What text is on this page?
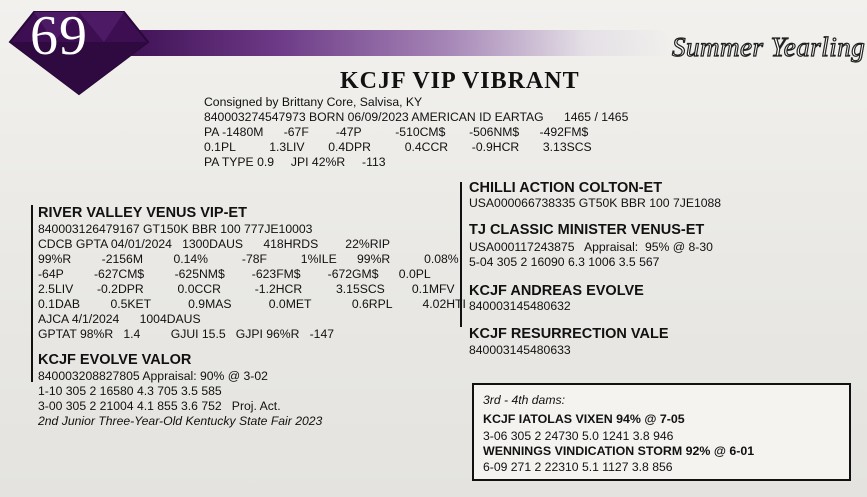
69	Summer Yearling
KCJF VIP VIBRANT
Consigned by Brittany Core, Salvisa, KY
840003274547973 BORN 06/09/2023 AMERICAN ID EARTAG      1465 / 1465
PA -1480M      -67F        -47P          -510CM$       -506NM$      -492FM$
0.1PL          1.3LIV       0.4DPR          0.4CCR       -0.9HCR       3.13SCS
PA TYPE 0.9     JPI 42%R     -113
CHILLI ACTION COLTON-ET
USA000066738335 GT50K BBR 100 7JE1088
TJ CLASSIC MINISTER VENUS-ET
USA000117243875   Appraisal:  95% @ 8-30
5-04 305 2 16090 6.3 1006 3.5 567
KCJF ANDREAS EVOLVE
840003145480632
KCJF RESURRECTION VALE
840003145480633
RIVER VALLEY VENUS VIP-ET
840003126479167 GT150K BBR 100 777JE10003
CDCB GPTA 04/01/2024   1300DAUS      418HRDS        22%RIP
99%R         -2156M         0.14%          -78F          1%ILE      99%R          0.08%
-64P         -627CM$         -625NM$        -623FM$        -672GM$      0.0PL
2.5LIV       -0.2DPR          0.0CCR          -1.2HCR          3.15SCS        0.1MFV
0.1DAB         0.5KET           0.9MAS           0.0MET            0.6RPL         4.02HTI
AJCA 4/1/2024      1004DAUS
GPTAT 98%R   1.4         GJUI 15.5   GJPI 96%R   -147
KCJF EVOLVE VALOR
840003208827805 Appraisal: 90% @ 3-02
1-10 305 2 16580 4.3 705 3.5 585
3-00 305 2 21004 4.1 855 3.6 752   Proj. Act.
2nd Junior Three-Year-Old Kentucky State Fair 2023
3rd - 4th dams:
KCJF IATOLAS VIXEN 94% @ 7-05
3-06 305 2 24730 5.0 1241 3.8 946
WENNINGS VINDICATION STORM 92% @ 6-01
6-09 271 2 22310 5.1 1127 3.8 856
